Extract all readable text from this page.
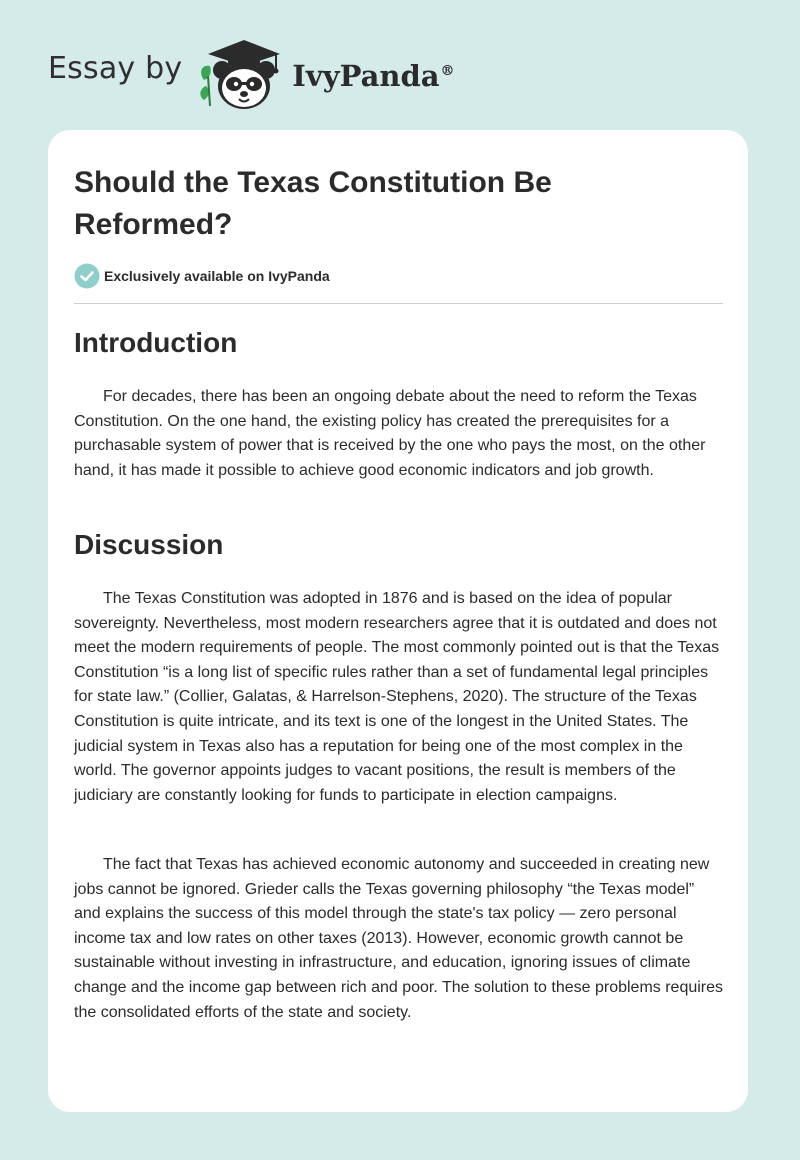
Essay by	IvyPanda®
Should the Texas Constitution Be Reformed?
Exclusively available on IvyPanda
Introduction

For decades, there has been an ongoing debate about the need to reform the Texas Constitution. On the one hand, the existing policy has created the prerequisites for a purchasable system of power that is received by the one who pays the most, on the other hand, it has made it possible to achieve good economic indicators and job growth.

Discussion

The Texas Constitution was adopted in 1876 and is based on the idea of popular sovereignty. Nevertheless, most modern researchers agree that it is outdated and does not meet the modern requirements of people. The most commonly pointed out is that the Texas Constitution “is a long list of specific rules rather than a set of fundamental legal principles for state law.” (Collier, Galatas, & Harrelson-Stephens, 2020). The structure of the Texas Constitution is quite intricate, and its text is one of the longest in the United States. The judicial system in Texas also has a reputation for being one of the most complex in the world. The governor appoints judges to vacant positions, the result is members of the judiciary are constantly looking for funds to participate in election campaigns.

The fact that Texas has achieved economic autonomy and succeeded in creating new jobs cannot be ignored. Grieder calls the Texas governing philosophy “the Texas model” and explains the success of this model through the state's tax policy — zero personal income tax and low rates on other taxes (2013). However, economic growth cannot be sustainable without investing in infrastructure, and education, ignoring issues of climate change and the income gap between rich and poor. The solution to these problems requires the consolidated efforts of the state and society.
